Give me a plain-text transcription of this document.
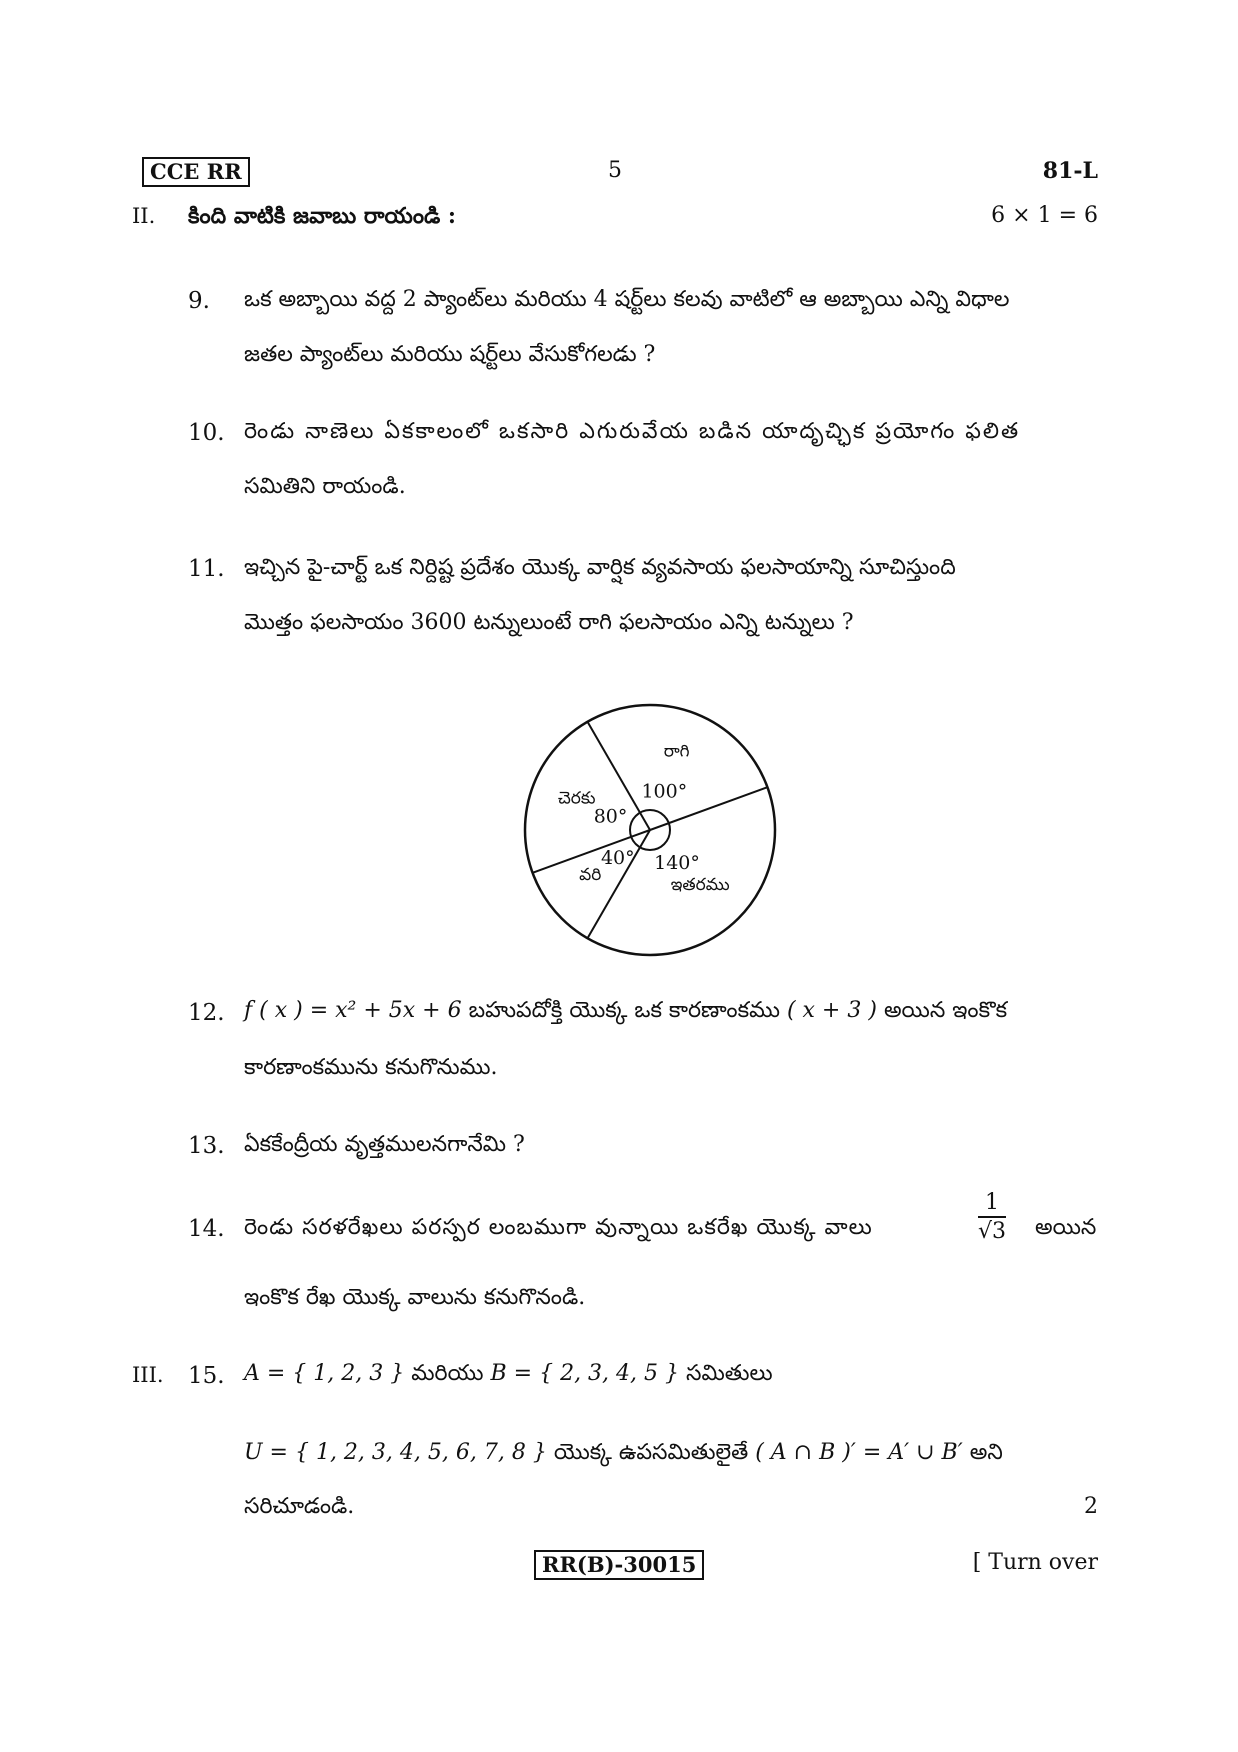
CCE RR	5	81-L
II. కింది వాటికి జవాబు రాయండి :	6 × 1 = 6
9. ఒక అబ్బాయి వద్ద 2 ప్యాంట్‌లు మరియు 4 షర్ట్‌లు కలవు వాటిలో ఆ అబ్బాయి ఎన్ని విధాల
జతల ప్యాంట్‌లు మరియు షర్ట్‌లు వేసుకోగలడు ?
10. రెండు నాణెలు ఏకకాలంలో ఒకసారి ఎగురువేయ బడిన యాదృచ్ఛిక ప్రయోగం ఫలిత
సమితిని రాయండి.
11. ఇచ్చిన పై-చార్ట్ ఒక నిర్దిష్ట ప్రదేశం యొక్క వార్షిక వ్యవసాయ ఫలసాయాన్ని సూచిస్తుంది
మొత్తం ఫలసాయం 3600 టన్నులుంటే రాగి ఫలసాయం ఎన్ని టన్నులు ?
రాగి
100°
ఇతరము
140°
వరి
40°
చెరకు
80°
12. f ( x ) = x² + 5x + 6 బహుపదోక్తి యొక్క ఒక కారణాంకము ( x + 3 ) అయిన ఇంకొక
కారణాంకమును కనుగొనుము.
13. ఏకకేంద్రీయ వృత్తములనగానేమి ?
14. రెండు సరళరేఖలు పరస్పర లంబముగా వున్నాయి ఒకరేఖ యొక్క వాలు	$\frac{1}{√3}$ అయిన
ఇంకొక రేఖ యొక్క వాలును కనుగొనండి.
III. 15. A = { 1, 2, 3 } మరియు B = { 2, 3, 4, 5 } సమితులు
U = { 1, 2, 3, 4, 5, 6, 7, 8 } యొక్క ఉపసమితులైతే ( A ∩ B )′ = A′ ∪ B′ అని
సరిచూడండి.	2
RR(B)-30015	[ Turn over
